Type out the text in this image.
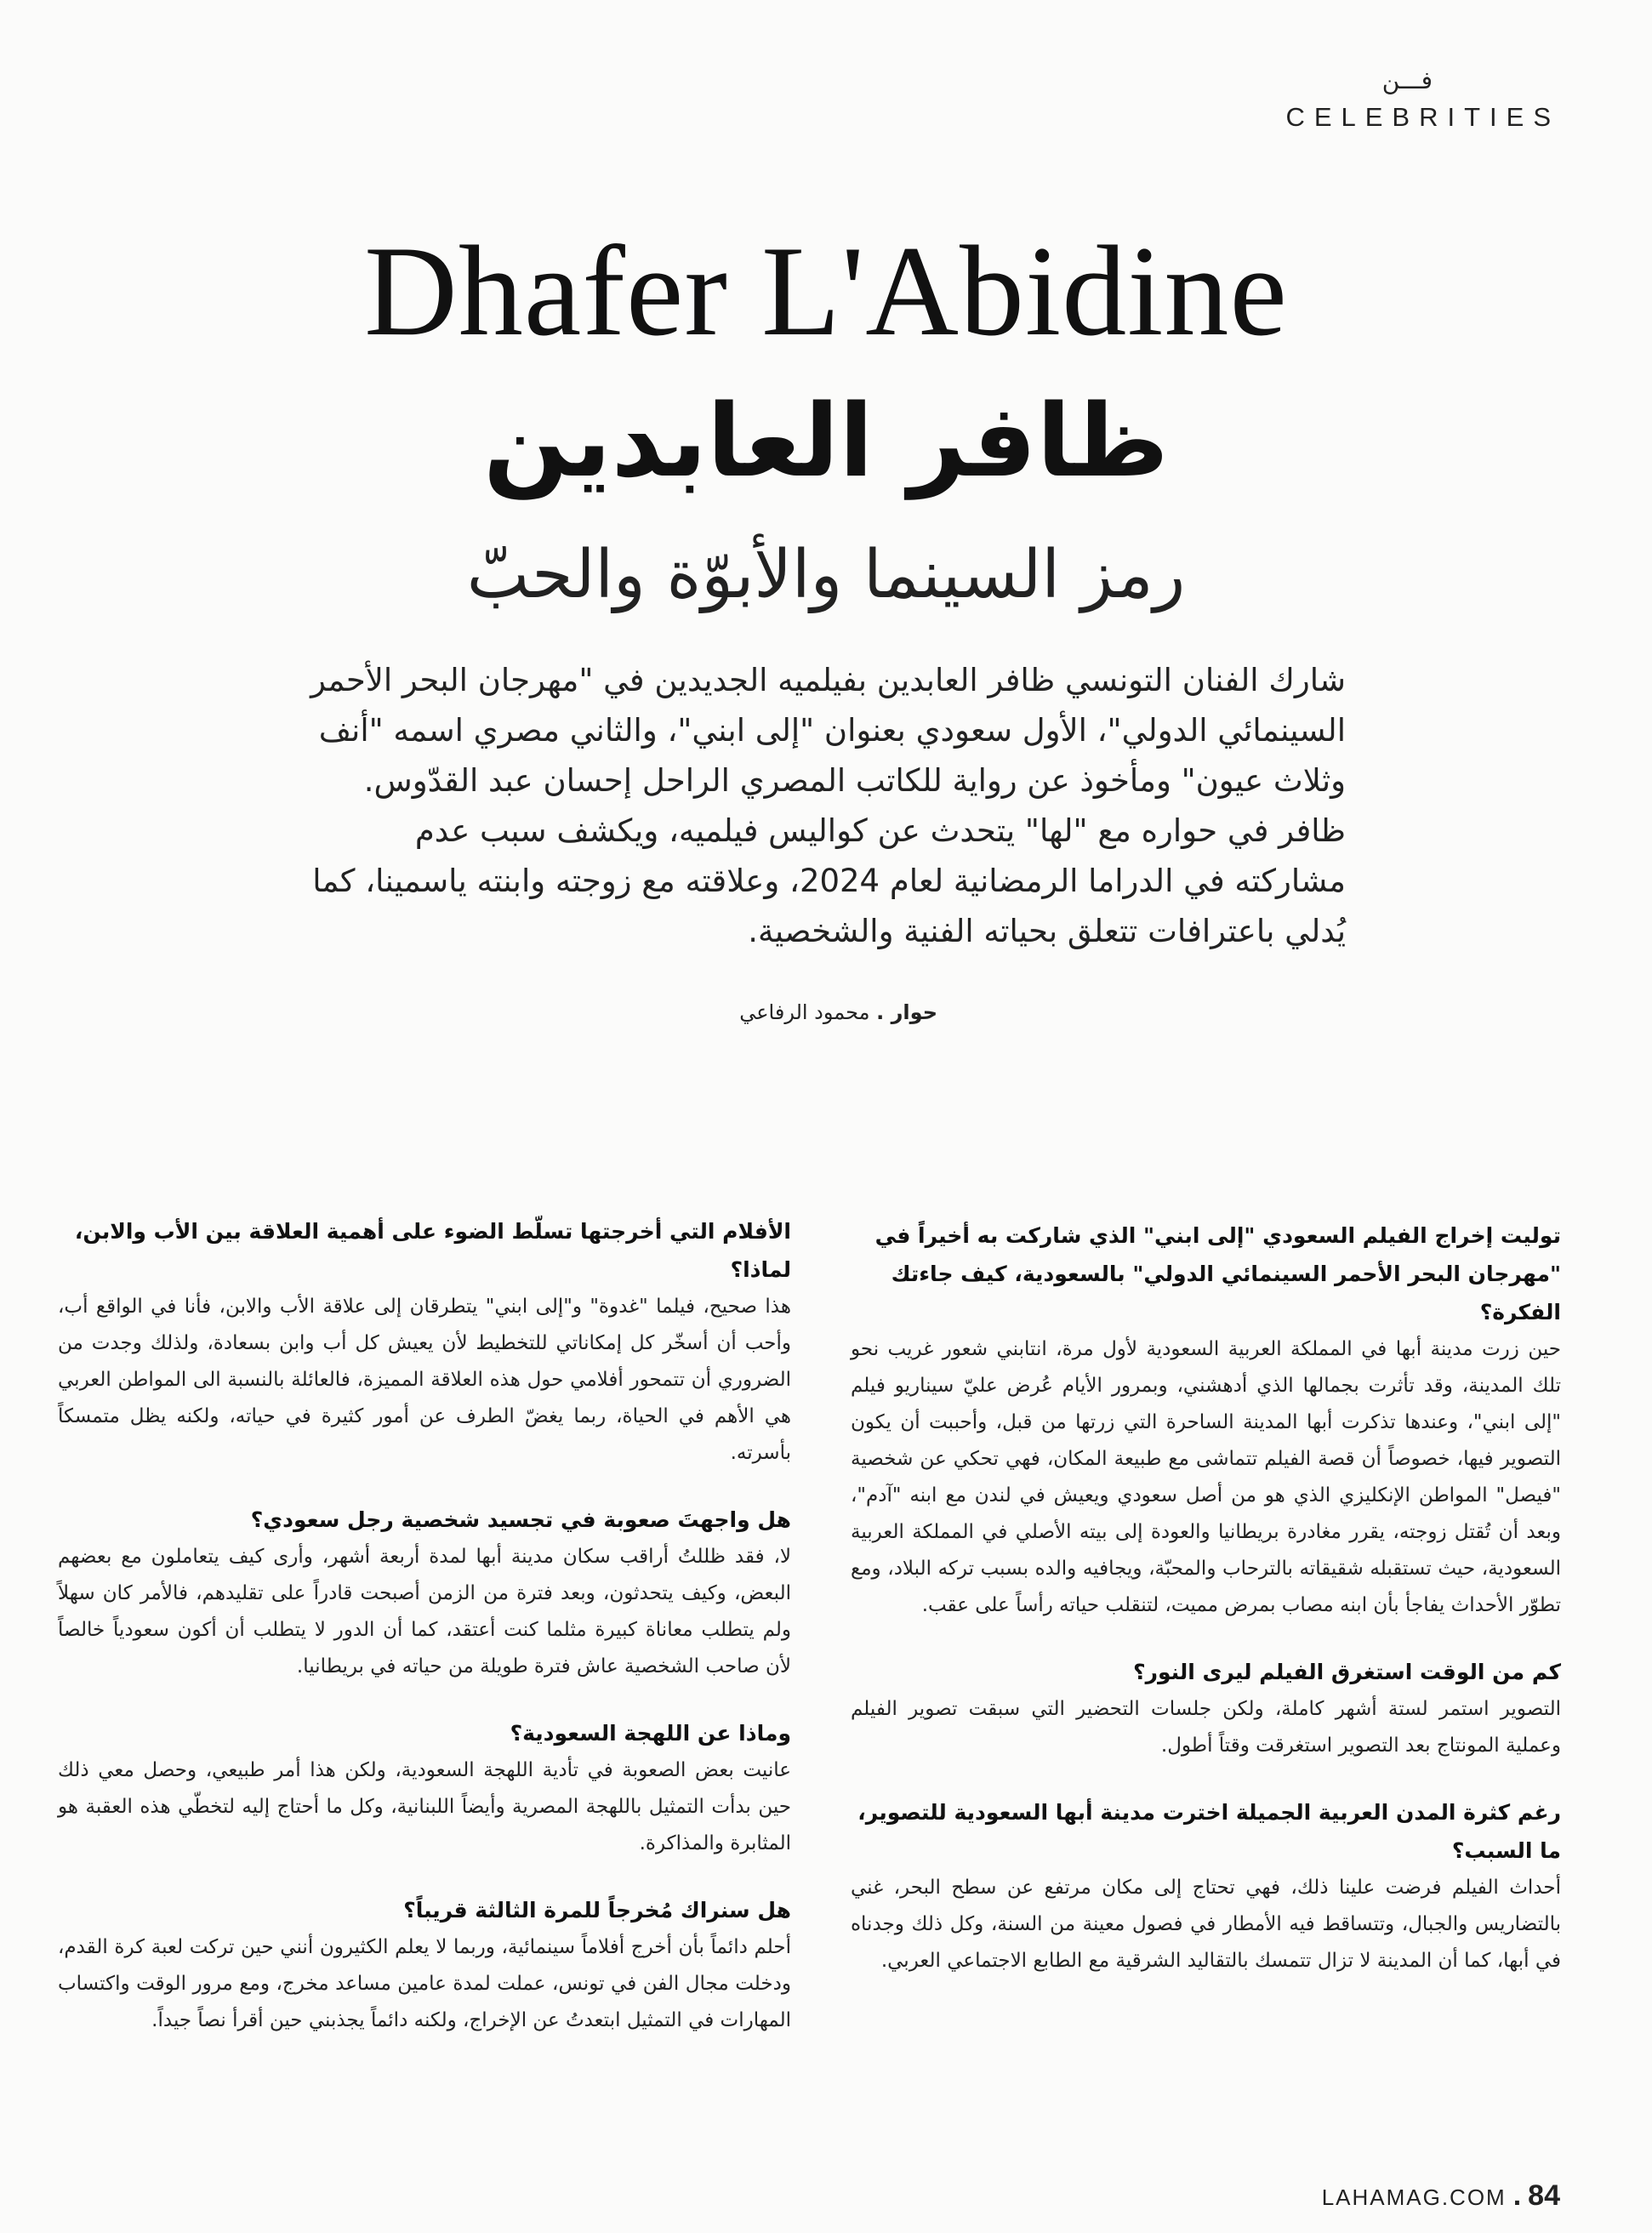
فـــن
CELEBRITIES
Dhafer L'Abidine
ظافر العابدين
رمز السينما والأبوّة والحبّ

شارك الفنان التونسي ظافر العابدين بفيلميه الجديدين في "مهرجان البحر الأحمر السينمائي الدولي"، الأول سعودي بعنوان "إلى ابني"، والثاني مصري اسمه "أنف وثلاث عيون" ومأخوذ عن رواية للكاتب المصري الراحل إحسان عبد القدّوس. ظافر في حواره مع "لها" يتحدث عن كواليس فيلميه، ويكشف سبب عدم مشاركته في الدراما الرمضانية لعام 2024، وعلاقته مع زوجته وابنته ياسمينا، كما يُدلي باعترافات تتعلق بحياته الفنية والشخصية.

حوار . محمود الرفاعي
توليت إخراج الفيلم السعودي "إلى ابني" الذي شاركت به أخيراً في "مهرجان البحر الأحمر السينمائي الدولي" بالسعودية، كيف جاءتك الفكرة؟
حين زرت مدينة أبها في المملكة العربية السعودية لأول مرة، انتابني شعور غريب نحو تلك المدينة، وقد تأثرت بجمالها الذي أدهشني، وبمرور الأيام عُرض عليّ سيناريو فيلم "إلى ابني"، وعندها تذكرت أبها المدينة الساحرة التي زرتها من قبل، وأحببت أن يكون التصوير فيها، خصوصاً أن قصة الفيلم تتماشى مع طبيعة المكان، فهي تحكي عن شخصية "فيصل" المواطن الإنكليزي الذي هو من أصل سعودي ويعيش في لندن مع ابنه "آدم"، وبعد أن تُقتل زوجته، يقرر مغادرة بريطانيا والعودة إلى بيته الأصلي في المملكة العربية السعودية، حيث تستقبله شقيقاته بالترحاب والمحبّة، ويجافيه والده بسبب تركه البلاد، ومع تطوّر الأحداث يفاجأ بأن ابنه مصاب بمرض مميت، لتنقلب حياته رأساً على عقب.
كم من الوقت استغرق الفيلم ليرى النور؟
التصوير استمر لستة أشهر كاملة، ولكن جلسات التحضير التي سبقت تصوير الفيلم وعملية المونتاج بعد التصوير استغرقت وقتاً أطول.
رغم كثرة المدن العربية الجميلة اخترت مدينة أبها السعودية للتصوير، ما السبب؟
أحداث الفيلم فرضت علينا ذلك، فهي تحتاج إلى مكان مرتفع عن سطح البحر، غني بالتضاريس والجبال، وتتساقط فيه الأمطار في فصول معينة من السنة، وكل ذلك وجدناه في أبها، كما أن المدينة لا تزال تتمسك بالتقاليد الشرقية مع الطابع الاجتماعي العربي.
الأفلام التي أخرجتها تسلّط الضوء على أهمية العلاقة بين الأب والابن، لماذا؟
هذا صحيح، فيلما "غدوة" و"إلى ابني" يتطرقان إلى علاقة الأب والابن، فأنا في الواقع أب، وأحب أن أسخّر كل إمكاناتي للتخطيط لأن يعيش كل أب وابن بسعادة، ولذلك وجدت من الضروري أن تتمحور أفلامي حول هذه العلاقة المميزة، فالعائلة بالنسبة الى المواطن العربي هي الأهم في الحياة، ربما يغضّ الطرف عن أمور كثيرة في حياته، ولكنه يظل متمسكاً بأسرته.
هل واجهتَ صعوبة في تجسيد شخصية رجل سعودي؟
لا، فقد ظللتُ أراقب سكان مدينة أبها لمدة أربعة أشهر، وأرى كيف يتعاملون مع بعضهم البعض، وكيف يتحدثون، وبعد فترة من الزمن أصبحت قادراً على تقليدهم، فالأمر كان سهلاً ولم يتطلب معاناة كبيرة مثلما كنت أعتقد، كما أن الدور لا يتطلب أن أكون سعودياً خالصاً لأن صاحب الشخصية عاش فترة طويلة من حياته في بريطانيا.
وماذا عن اللهجة السعودية؟
عانيت بعض الصعوبة في تأدية اللهجة السعودية، ولكن هذا أمر طبيعي، وحصل معي ذلك حين بدأت التمثيل باللهجة المصرية وأيضاً اللبنانية، وكل ما أحتاج إليه لتخطّي هذه العقبة هو المثابرة والمذاكرة.
هل سنراك مُخرجاً للمرة الثالثة قريباً؟
أحلم دائماً بأن أخرج أفلاماً سينمائية، وربما لا يعلم الكثيرون أنني حين تركت لعبة كرة القدم، ودخلت مجال الفن في تونس، عملت لمدة عامين مساعد مخرج، ومع مرور الوقت واكتساب المهارات في التمثيل ابتعدتُ عن الإخراج، ولكنه دائماً يجذبني حين أقرأ نصاً جيداً.
LAHAMAG.COM . 84
